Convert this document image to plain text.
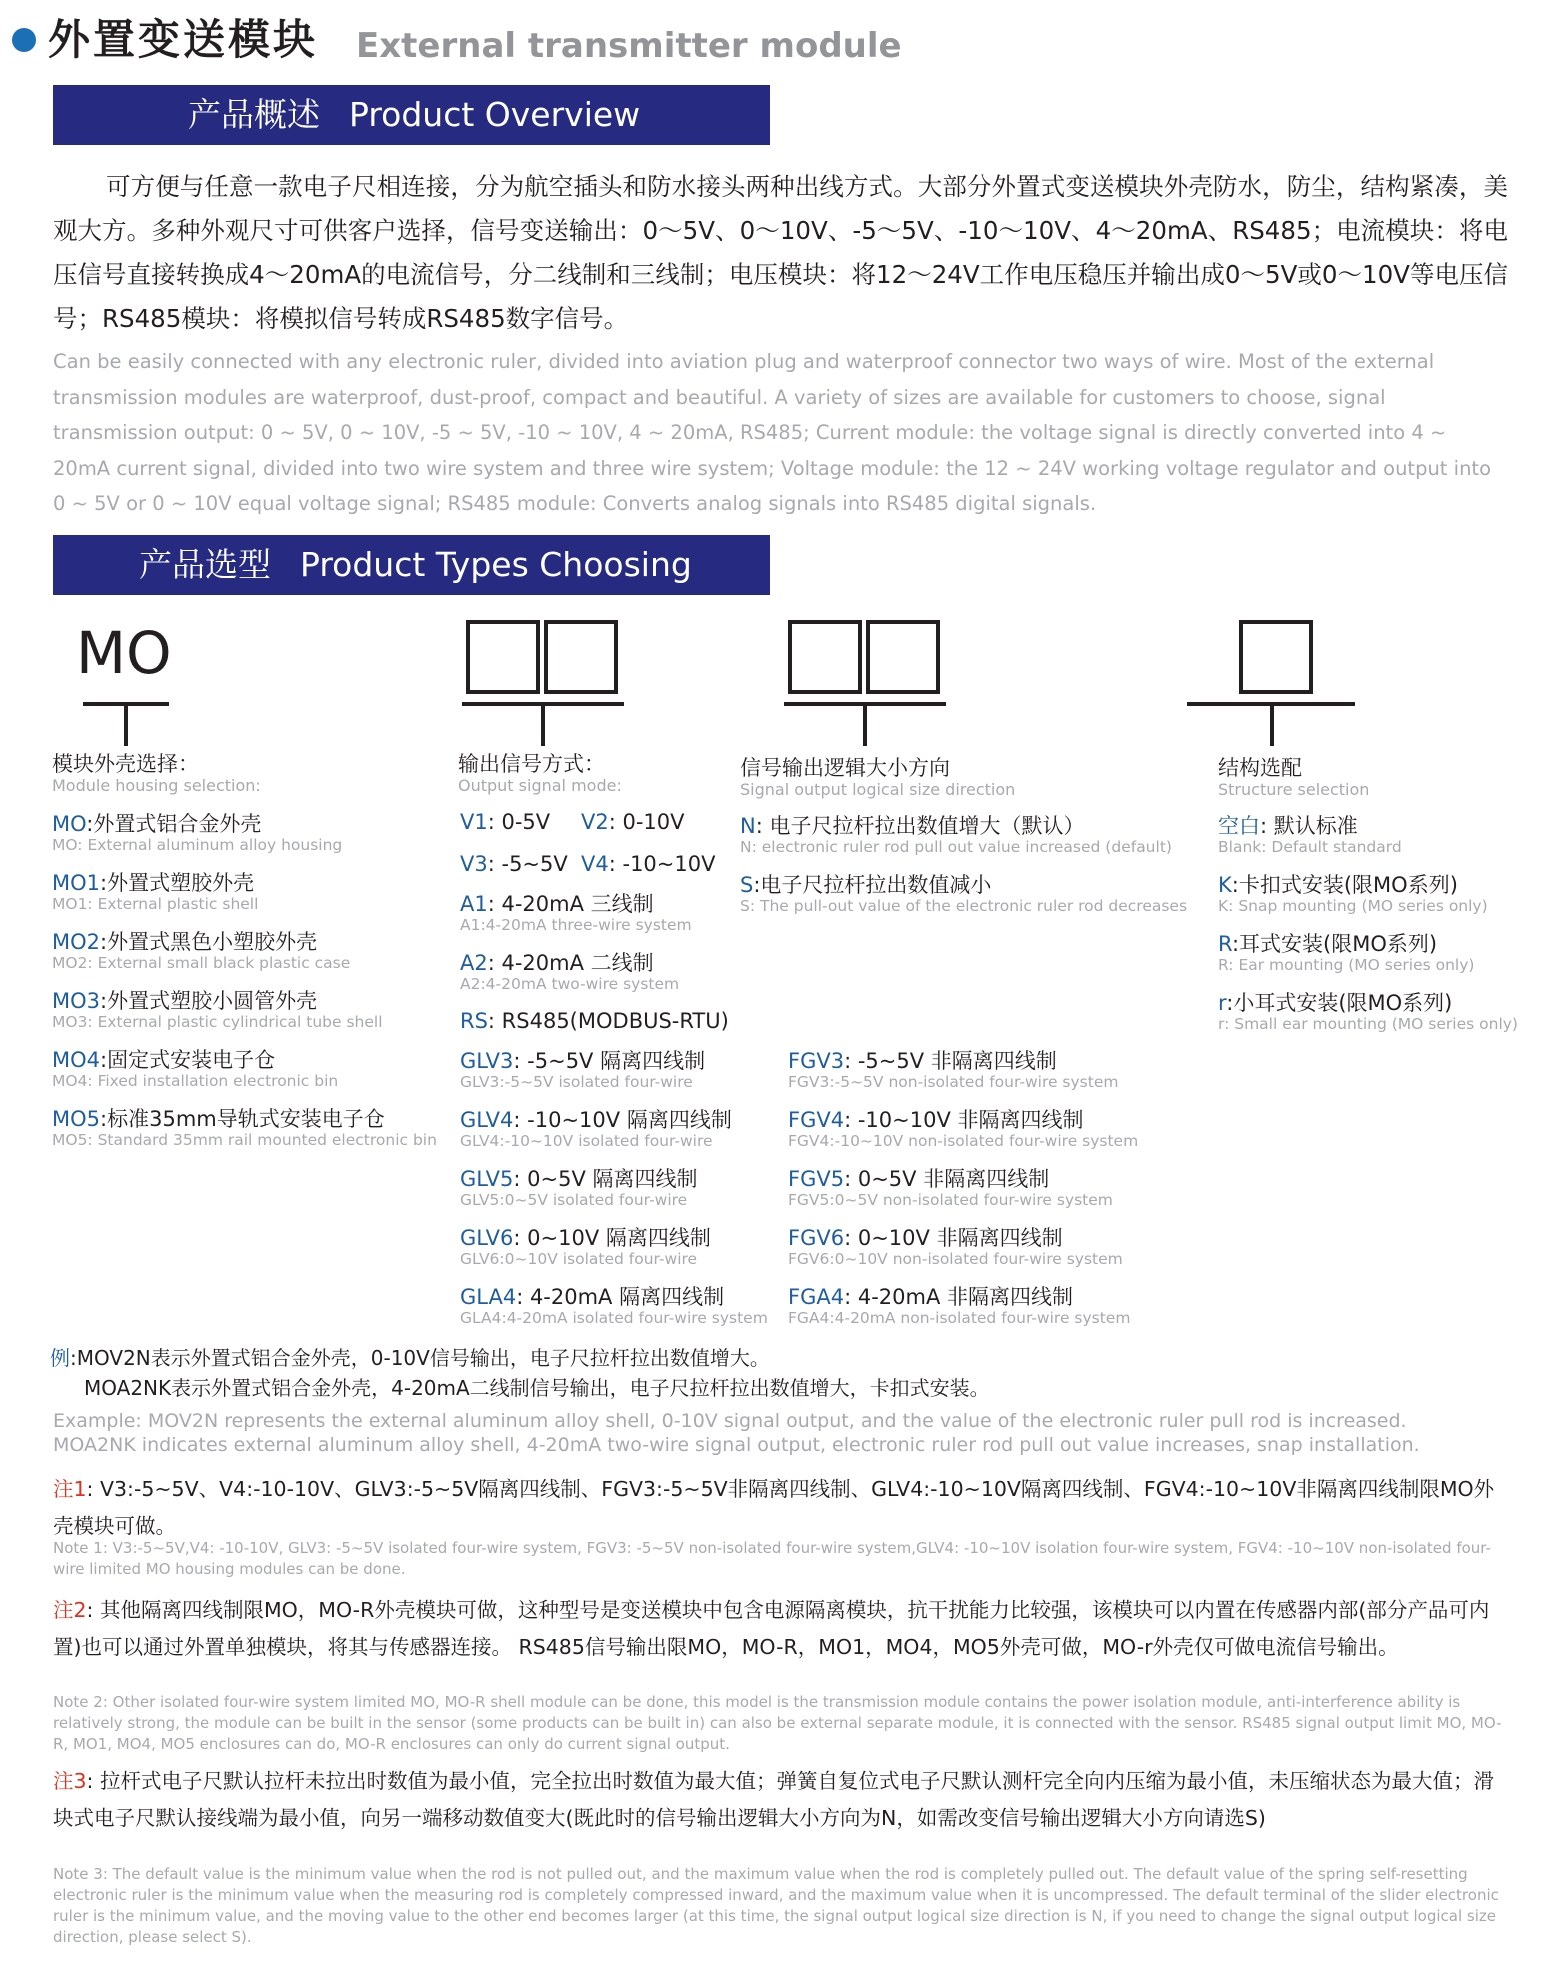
外置变送模块 External transmitter module
产品概述 Product Overview
可方便与任意一款电子尺相连接，分为航空插头和防水接头两种出线方式。大部分外置式变送模块外壳防水，防尘，结构紧凑，美观大方。多种外观尺寸可供客户选择，信号变送输出：0～5V、0～10V、-5～5V、-10～10V、4～20mA、RS485；电流模块：将电压信号直接转换成4～20mA的电流信号，分二线制和三线制；电压模块：将12～24V工作电压稳压并输出成0～5V或0～10V等电压信号；RS485模块：将模拟信号转成RS485数字信号。
Can be easily connected with any electronic ruler, divided into aviation plug and waterproof connector two ways of wire. Most of the external transmission modules are waterproof, dust-proof, compact and beautiful. A variety of sizes are available for customers to choose, signal transmission output: 0 ~ 5V, 0 ~ 10V, -5 ~ 5V, -10 ~ 10V, 4 ~ 20mA, RS485; Current module: the voltage signal is directly converted into 4 ~ 20mA current signal, divided into two wire system and three wire system; Voltage module: the 12 ~ 24V working voltage regulator and output into 0 ~ 5V or 0 ~ 10V equal voltage signal; RS485 module: Converts analog signals into RS485 digital signals.
产品选型 Product Types Choosing
MO
模块外壳选择：
Module housing selection:
MO:外置式铝合金外壳
MO: External aluminum alloy housing
MO1:外置式塑胶外壳
MO1: External plastic shell
MO2:外置式黑色小塑胶外壳
MO2: External small black plastic case
MO3:外置式塑胶小圆管外壳
MO3: External plastic cylindrical tube shell
MO4:固定式安装电子仓
MO4: Fixed installation electronic bin
MO5:标准35mm导轨式安装电子仓
MO5: Standard 35mm rail mounted electronic bin
输出信号方式：
Output signal mode:
V1: 0-5V V2: 0-10V
V3: -5~5V V4: -10~10V
A1: 4-20mA 三线制
A1:4-20mA three-wire system
A2: 4-20mA 二线制
A2:4-20mA two-wire system
RS: RS485(MODBUS-RTU)
GLV3: -5~5V 隔离四线制
GLV3:-5~5V isolated four-wire
GLV4: -10~10V 隔离四线制
GLV4:-10~10V isolated four-wire
GLV5: 0~5V 隔离四线制
GLV5:0~5V isolated four-wire
GLV6: 0~10V 隔离四线制
GLV6:0~10V isolated four-wire
GLA4: 4-20mA 隔离四线制
GLA4:4-20mA isolated four-wire system
FGV3: -5~5V 非隔离四线制
FGV3:-5~5V non-isolated four-wire system
FGV4: -10~10V 非隔离四线制
FGV4:-10~10V non-isolated four-wire system
FGV5: 0~5V 非隔离四线制
FGV5:0~5V non-isolated four-wire system
FGV6: 0~10V 非隔离四线制
FGV6:0~10V non-isolated four-wire system
FGA4: 4-20mA 非隔离四线制
FGA4:4-20mA non-isolated four-wire system
信号输出逻辑大小方向
Signal output logical size direction
N: 电子尺拉杆拉出数值增大（默认）
N: electronic ruler rod pull out value increased (default)
S:电子尺拉杆拉出数值减小
S: The pull-out value of the electronic ruler rod decreases
结构选配
Structure selection
空白: 默认标准
Blank: Default standard
K:卡扣式安装(限MO系列)
K: Snap mounting (MO series only)
R:耳式安装(限MO系列)
R: Ear mounting (MO series only)
r:小耳式安装(限MO系列)
r: Small ear mounting (MO series only)
例:MOV2N表示外置式铝合金外壳，0-10V信号输出，电子尺拉杆拉出数值增大。
MOA2NK表示外置式铝合金外壳，4-20mA二线制信号输出，电子尺拉杆拉出数值增大，卡扣式安装。
Example: MOV2N represents the external aluminum alloy shell, 0-10V signal output, and the value of the electronic ruler pull rod is increased.
MOA2NK indicates external aluminum alloy shell, 4-20mA two-wire signal output, electronic ruler rod pull out value increases, snap installation.
注1: V3:-5~5V、V4:-10-10V、GLV3:-5~5V隔离四线制、FGV3:-5~5V非隔离四线制、GLV4:-10~10V隔离四线制、FGV4:-10~10V非隔离四线制限MO外壳模块可做。
Note 1: V3:-5~5V,V4: -10-10V, GLV3: -5~5V isolated four-wire system, FGV3: -5~5V non-isolated four-wire system,GLV4: -10~10V isolation four-wire system, FGV4: -10~10V non-isolated four-wire limited MO housing modules can be done.
注2: 其他隔离四线制限MO，MO-R外壳模块可做，这种型号是变送模块中包含电源隔离模块，抗干扰能力比较强，该模块可以内置在传感器内部(部分产品可内置)也可以通过外置单独模块，将其与传感器连接。 RS485信号输出限MO，MO-R，MO1，MO4，MO5外壳可做，MO-r外壳仅可做电流信号输出。
Note 2: Other isolated four-wire system limited MO, MO-R shell module can be done, this model is the transmission module contains the power isolation module, anti-interference ability is relatively strong, the module can be built in the sensor (some products can be built in) can also be external separate module, it is connected with the sensor. RS485 signal output limit MO, MO-R, MO1, MO4, MO5 enclosures can do, MO-R enclosures can only do current signal output.
注3: 拉杆式电子尺默认拉杆未拉出时数值为最小值，完全拉出时数值为最大值；弹簧自复位式电子尺默认测杆完全向内压缩为最小值，未压缩状态为最大值；滑块式电子尺默认接线端为最小值，向另一端移动数值变大(既此时的信号输出逻辑大小方向为N，如需改变信号输出逻辑大小方向请选S)
Note 3: The default value is the minimum value when the rod is not pulled out, and the maximum value when the rod is completely pulled out. The default value of the spring self-resetting electronic ruler is the minimum value when the measuring rod is completely compressed inward, and the maximum value when it is uncompressed. The default terminal of the slider electronic ruler is the minimum value, and the moving value to the other end becomes larger (at this time, the signal output logical size direction is N, if you need to change the signal output logical size direction, please select S).
